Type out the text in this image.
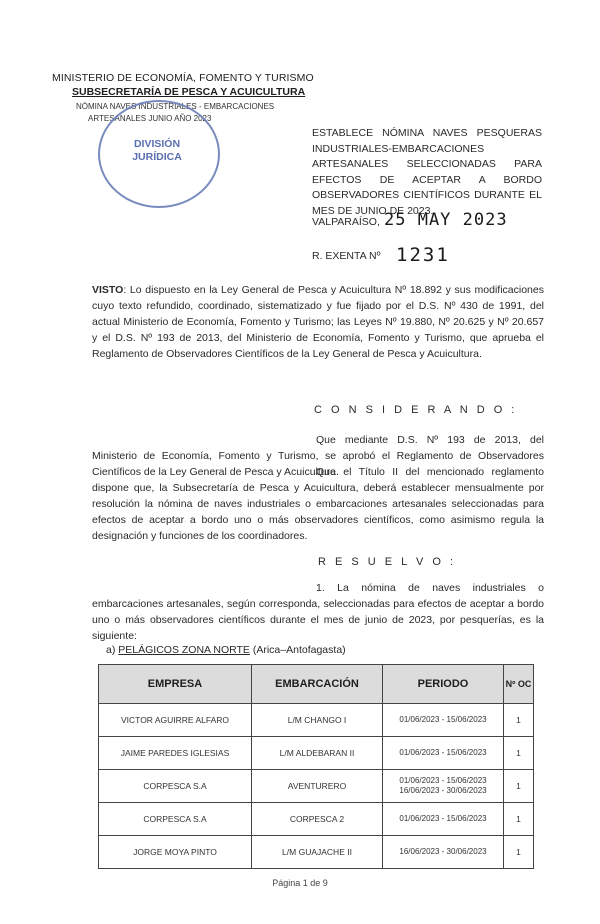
MINISTERIO DE ECONOMÍA, FOMENTO Y TURISMO
SUBSECRETARÍA DE PESCA Y ACUICULTURA
NÓMINA NAVES INDUSTRIALES - EMBARCACIONES
ARTESANALES JUNIO AÑO 2023
DIVISIÓN JURÍDICA
ESTABLECE NÓMINA NAVES PESQUERAS INDUSTRIALES-EMBARCACIONES ARTESANALES SELECCIONADAS PARA EFECTOS DE ACEPTAR A BORDO OBSERVADORES CIENTÍFICOS DURANTE EL MES DE JUNIO DE 2023.
VALPARAÍSO, 25 MAY 2023
R. EXENTA Nº 1231
VISTO: Lo dispuesto en la Ley General de Pesca y Acuicultura Nº 18.892 y sus modificaciones cuyo texto refundido, coordinado, sistematizado y fue fijado por el D.S. Nº 430 de 1991, del actual Ministerio de Economía, Fomento y Turismo; las Leyes Nº 19.880, Nº 20.625 y Nº 20.657 y el D.S. Nº 193 de 2013, del Ministerio de Economía, Fomento y Turismo, que aprueba el Reglamento de Observadores Científicos de la Ley General de Pesca y Acuicultura.
C O N S I D E R A N D O :
Que mediante D.S. Nº 193 de 2013, del Ministerio de Economía, Fomento y Turismo, se aprobó el Reglamento de Observadores Científicos de la Ley General de Pesca y Acuicultura.
Que el Título II del mencionado reglamento dispone que, la Subsecretaría de Pesca y Acuicultura, deberá establecer mensualmente por resolución la nómina de naves industriales o embarcaciones artesanales seleccionadas para efectos de aceptar a bordo uno o más observadores científicos, como asimismo regula la designación y funciones de los coordinadores.
R E S U E L V O :
1. La nómina de naves industriales o embarcaciones artesanales, según corresponda, seleccionadas para efectos de aceptar a bordo uno o más observadores científicos durante el mes de junio de 2023, por pesquerías, es la siguiente:
a) PELÁGICOS ZONA NORTE (Arica–Antofagasta)
EMPRESA	EMBARCACIÓN	PERIODO	Nº OC
VICTOR AGUIRRE ALFARO	L/M CHANGO I	01/06/2023 - 15/06/2023	1
JAIME PAREDES IGLESIAS	L/M ALDEBARAN II	01/06/2023 - 15/06/2023	1
CORPESCA S.A	AVENTURERO	01/06/2023 - 15/06/2023
16/06/2023 - 30/06/2023	1
CORPESCA S.A	CORPESCA 2	01/06/2023 - 15/06/2023	1
JORGE MOYA PINTO	L/M GUAJACHE II	16/06/2023 - 30/06/2023	1
Página 1 de 9
